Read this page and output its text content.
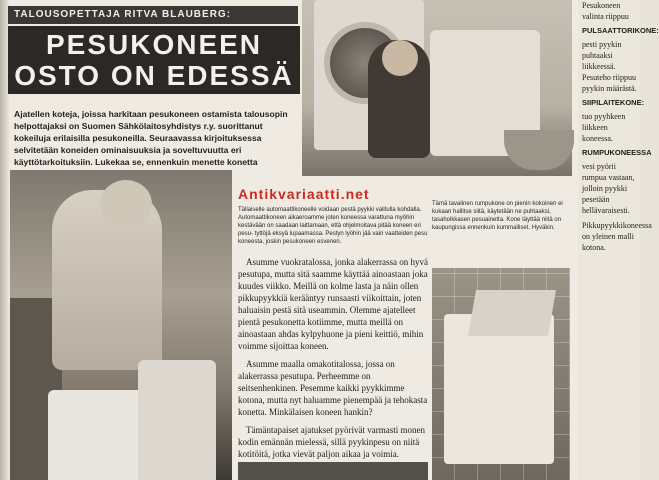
TALOUSOPETTAJA RITVA BLAUBERG:
PESUKONEEN
OSTO ON EDESSÄ
Ajatellen koteja, joissa harkitaan pesukoneen ostamista talousopin helpottajaksi on Suomen Sähkölaitosyhdistys r.y. suorittanut kokeiluja erilaisilla pesukoneilla. Seuraavassa kirjoituksessa selvitetään koneiden ominaisuuksia ja soveltuvuutta eri käyttötarkoituksiin. Lukekaa se, ennenkuin menette konetta
Antikvariaatti.net
Tällaiselle automaattikoneelle voidaan pestä pyykki valitulla kohdalla. Automaattikoneen aikaeroamme joten koneessa varattuna myöhin kestävään on saadaan laittamaan, että ohjelmoitava pitää koneen eri pesu- tyttöjä eksyä lupaamassa. Pestyn lyöhin jää vain vaatteiden pesu koneesta, joskin pesukoneen esvenen.
Tämä tavalinen rumpukone on pienin kokoinen ei kukaan hallitse siitä, käytetään ne puhtaaksi, tasahoikkasen pesuainetta. Kone täyttää niitä on kaupungissa ennenkuin kummalliset. Hyväkin.

Asumme vuokratalossa, jonka alakerrassa on hyvä pesutupa, mutta sitä saamme käyttää ainoastaan joka kuudes viikko. Meillä on kolme lasta ja näin ollen pikkupyykkiä kerääntyy runsaasti viikoittain, joten haluaisin pestä sitä useammin. Olemme ajatelleet pientä pesukonetta kotiimme, mutta meillä on ainoastaan ahdas kylpyhuone ja pieni keittiö, mihin voimme sijoittaa koneen.

Asumme maalla omakotitalossa, jossa on alakerrassa pesutupa. Perheemme on seitsenhenkinen. Pesemme kaikki pyykkimme kotona, mutta nyt haluamme pienempää ja tehokasta konetta. Minkälaisen koneen hankin?

Tämäntapaiset ajatukset pyörivät varmasti monen kodin emännän mielessä, sillä pyykinpesu on niitä kotitöitä, jotka vievät paljon aikaa ja voimia.

Pesukoneen valinta riippuu

PULSAATTORIKONE:

pesti pyykin puhtaaksi liikkeessä. Pesuteho riippuu pyykin määrästä.

SIIPILAITEKONE:

tuo pyyhkeen liikkeen koneessa.

RUMPUKONEESSA

vesi pyörii rumpua vastaan, jolloin pyykki pesetään hellävaraisesti.

Pikkupyykkikoneessa on yleinen malli kotona.
